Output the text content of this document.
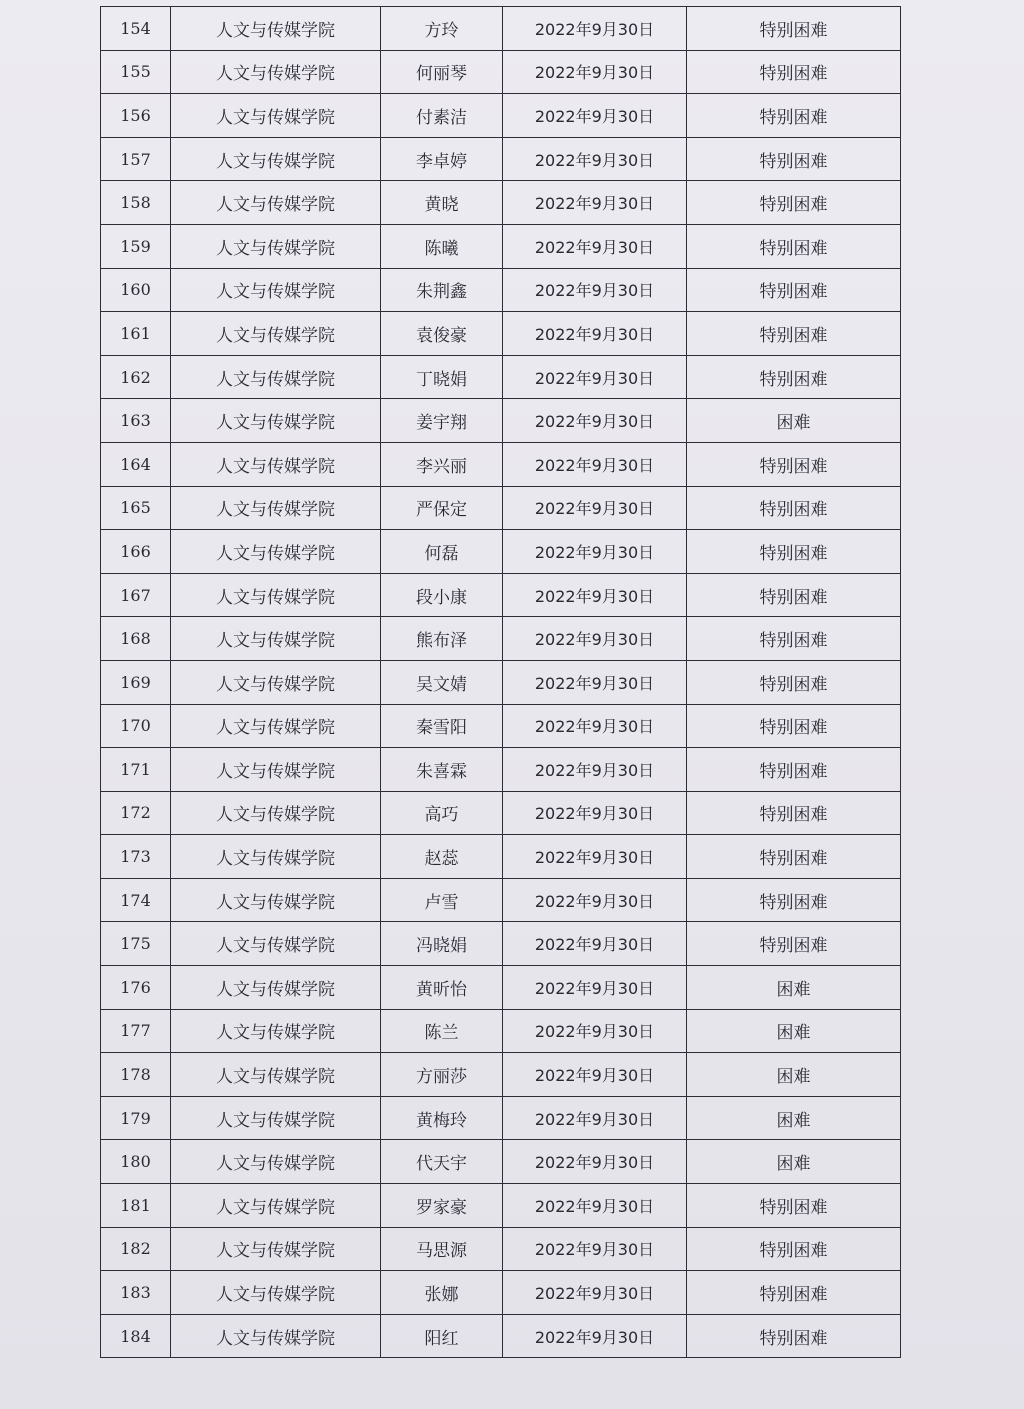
154	人文与传媒学院	方玲	2022年9月30日	特别困难
155	人文与传媒学院	何丽琴	2022年9月30日	特别困难
156	人文与传媒学院	付素洁	2022年9月30日	特别困难
157	人文与传媒学院	李卓婷	2022年9月30日	特别困难
158	人文与传媒学院	黄晓	2022年9月30日	特别困难
159	人文与传媒学院	陈曦	2022年9月30日	特别困难
160	人文与传媒学院	朱荆鑫	2022年9月30日	特别困难
161	人文与传媒学院	袁俊豪	2022年9月30日	特别困难
162	人文与传媒学院	丁晓娟	2022年9月30日	特别困难
163	人文与传媒学院	姜宇翔	2022年9月30日	困难
164	人文与传媒学院	李兴丽	2022年9月30日	特别困难
165	人文与传媒学院	严保定	2022年9月30日	特别困难
166	人文与传媒学院	何磊	2022年9月30日	特别困难
167	人文与传媒学院	段小康	2022年9月30日	特别困难
168	人文与传媒学院	熊布泽	2022年9月30日	特别困难
169	人文与传媒学院	吴文婧	2022年9月30日	特别困难
170	人文与传媒学院	秦雪阳	2022年9月30日	特别困难
171	人文与传媒学院	朱喜霖	2022年9月30日	特别困难
172	人文与传媒学院	高巧	2022年9月30日	特别困难
173	人文与传媒学院	赵蕊	2022年9月30日	特别困难
174	人文与传媒学院	卢雪	2022年9月30日	特别困难
175	人文与传媒学院	冯晓娟	2022年9月30日	特别困难
176	人文与传媒学院	黄昕怡	2022年9月30日	困难
177	人文与传媒学院	陈兰	2022年9月30日	困难
178	人文与传媒学院	方丽莎	2022年9月30日	困难
179	人文与传媒学院	黄梅玲	2022年9月30日	困难
180	人文与传媒学院	代天宇	2022年9月30日	困难
181	人文与传媒学院	罗家豪	2022年9月30日	特别困难
182	人文与传媒学院	马思源	2022年9月30日	特别困难
183	人文与传媒学院	张娜	2022年9月30日	特别困难
184	人文与传媒学院	阳红	2022年9月30日	特别困难
